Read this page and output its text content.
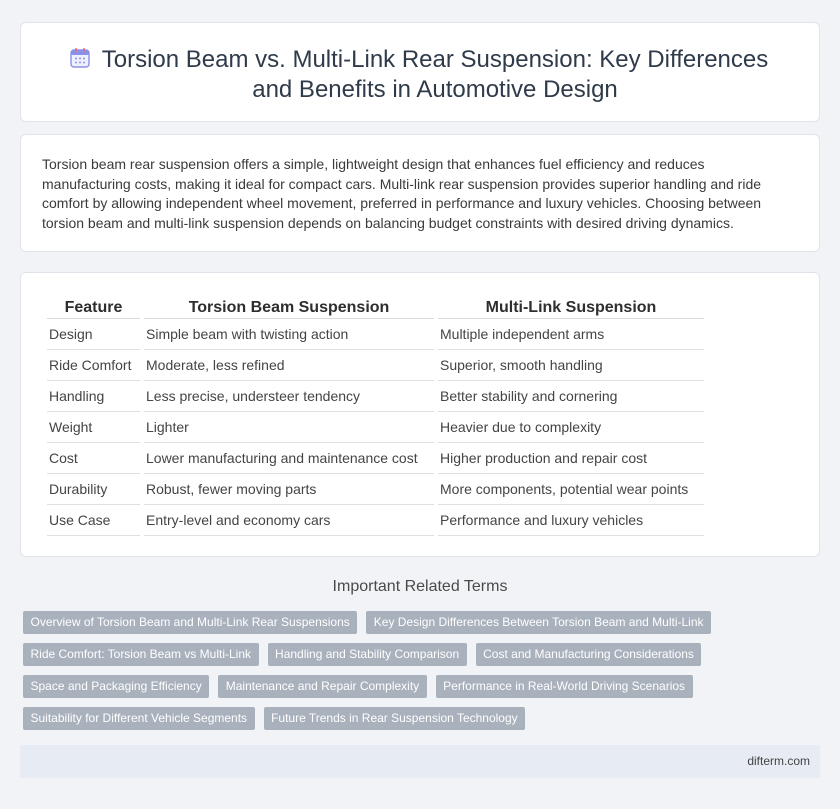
Torsion Beam vs. Multi-Link Rear Suspension: Key Differences and Benefits in Automotive Design

Torsion beam rear suspension offers a simple, lightweight design that enhances fuel efficiency and reduces manufacturing costs, making it ideal for compact cars. Multi-link rear suspension provides superior handling and ride comfort by allowing independent wheel movement, preferred in performance and luxury vehicles. Choosing between torsion beam and multi-link suspension depends on balancing budget constraints with desired driving dynamics.

Feature	Torsion Beam Suspension	Multi-Link Suspension
Design	Simple beam with twisting action	Multiple independent arms
Ride Comfort	Moderate, less refined	Superior, smooth handling
Handling	Less precise, understeer tendency	Better stability and cornering
Weight	Lighter	Heavier due to complexity
Cost	Lower manufacturing and maintenance cost	Higher production and repair cost
Durability	Robust, fewer moving parts	More components, potential wear points
Use Case	Entry-level and economy cars	Performance and luxury vehicles
Important Related Terms
Overview of Torsion Beam and Multi-Link Rear Suspensions	Key Design Differences Between Torsion Beam and Multi-Link
Ride Comfort: Torsion Beam vs Multi-Link	Handling and Stability Comparison	Cost and Manufacturing Considerations
Space and Packaging Efficiency	Maintenance and Repair Complexity	Performance in Real-World Driving Scenarios
Suitability for Different Vehicle Segments	Future Trends in Rear Suspension Technology
difterm.com
